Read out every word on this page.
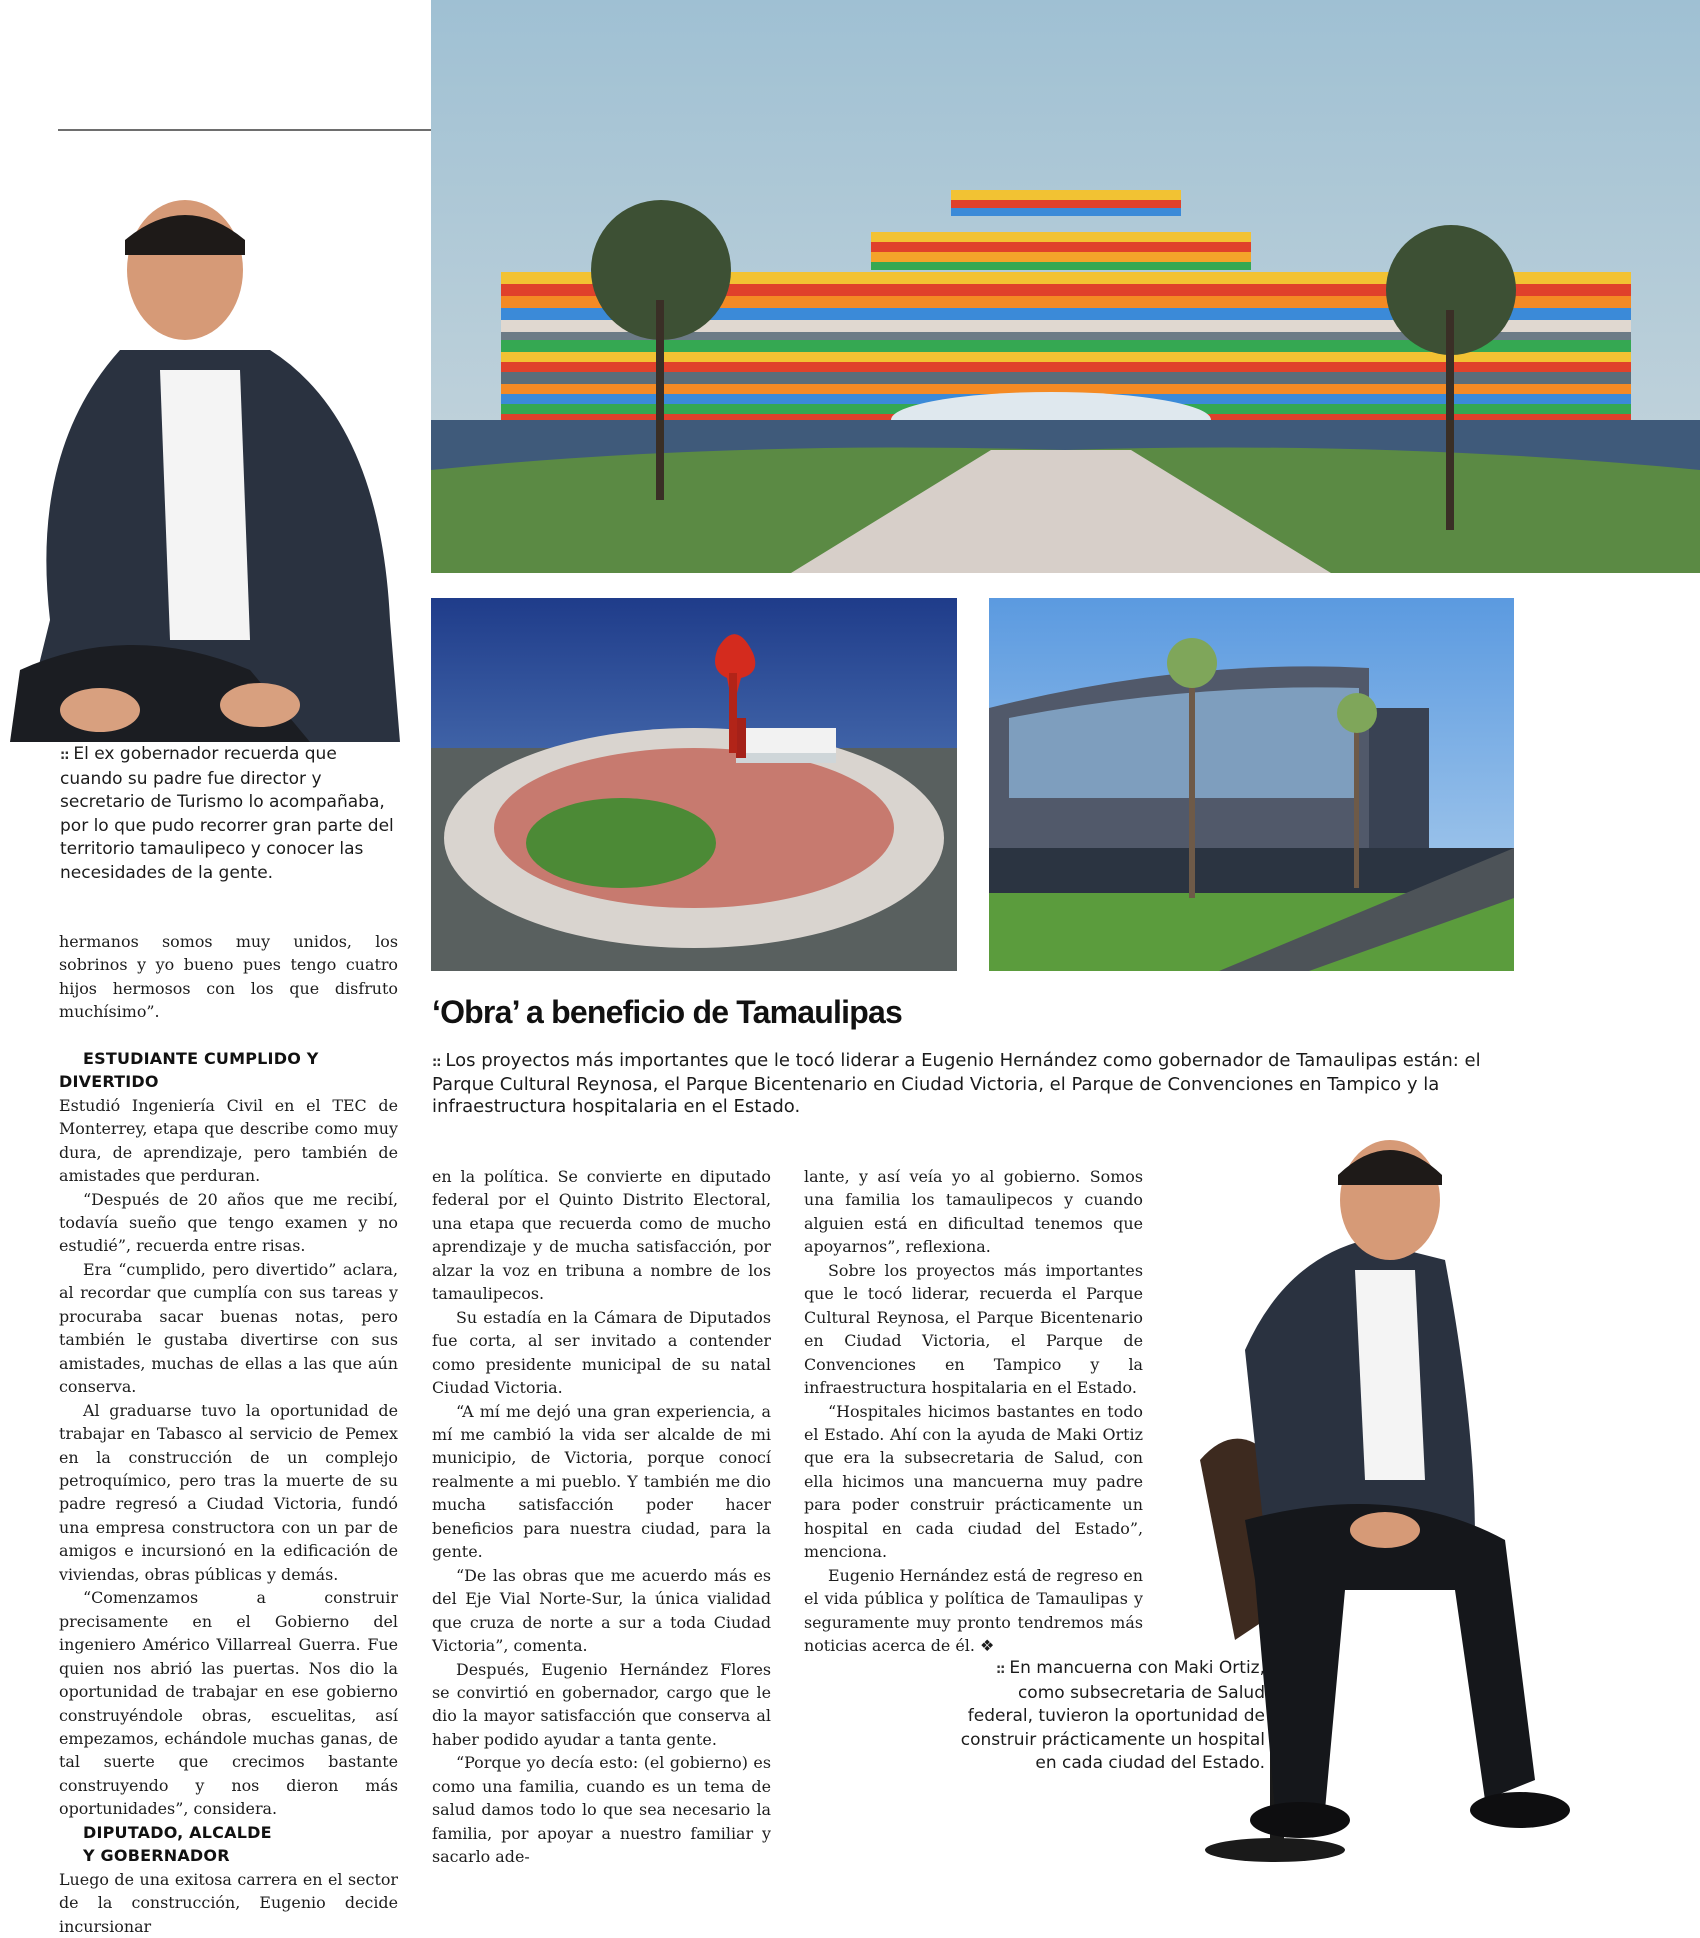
:: El ex gobernador recuerda que cuando su padre fue director y secretario de Turismo lo acompañaba, por lo que pudo recorrer gran parte del territorio tamaulipeco y conocer las necesidades de la gente.
‘Obra’ a beneficio de Tamaulipas
:: Los proyectos más importantes que le tocó liderar a Eugenio Hernández como gobernador de Tamaulipas están: el Parque Cultural Reynosa, el Parque Bicentenario en Ciudad Victoria, el Parque de Convenciones en Tampico y la infraestructura hospitalaria en el Estado.

hermanos somos muy unidos, los sobrinos y yo bueno pues tengo cuatro hijos hermosos con los que disfruto muchísimo”.

ESTUDIANTE CUMPLIDO Y DIVERTIDO

Estudió Ingeniería Civil en el TEC de Monterrey, etapa que describe como muy dura, de aprendizaje, pero también de amistades que perduran.

“Después de 20 años que me recibí, todavía sueño que tengo examen y no estudié”, recuerda entre risas.

Era “cumplido, pero divertido” aclara, al recordar que cumplía con sus tareas y procuraba sacar buenas notas, pero también le gustaba divertirse con sus amistades, muchas de ellas a las que aún conserva.

Al graduarse tuvo la oportunidad de trabajar en Tabasco al servicio de Pemex en la construcción de un complejo petroquímico, pero tras la muerte de su padre regresó a Ciudad Victoria, fundó una empresa constructora con un par de amigos e incursionó en la edificación de viviendas, obras públicas y demás.

“Comenzamos a construir precisamente en el Gobierno del ingeniero Américo Villarreal Guerra. Fue quien nos abrió las puertas. Nos dio la oportunidad de trabajar en ese gobierno construyéndole obras, escuelitas, así empezamos, echándole muchas ganas, de tal suerte que crecimos bastante construyendo y nos dieron más oportunidades”, considera.

DIPUTADO, ALCALDE

Y GOBERNADOR

Luego de una exitosa carrera en el sector de la construcción, Eugenio decide incursionar

en la política. Se convierte en diputado federal por el Quinto Distrito Electoral, una etapa que recuerda como de mucho aprendizaje y de mucha satisfacción, por alzar la voz en tribuna a nombre de los tamaulipecos.

Su estadía en la Cámara de Diputados fue corta, al ser invitado a contender como presidente municipal de su natal Ciudad Victoria.

“A mí me dejó una gran experiencia, a mí me cambió la vida ser alcalde de mi municipio, de Victoria, porque conocí realmente a mi pueblo. Y también me dio mucha satisfacción poder hacer beneficios para nuestra ciudad, para la gente.

“De las obras que me acuerdo más es del Eje Vial Norte-Sur, la única vialidad que cruza de norte a sur a toda Ciudad Victoria”, comenta.

Después, Eugenio Hernández Flores se convirtió en gobernador, cargo que le dio la mayor satisfacción que conserva al haber podido ayudar a tanta gente.

“Porque yo decía esto: (el gobierno) es como una familia, cuando es un tema de salud damos todo lo que sea necesario la familia, por apoyar a nuestro familiar y sacarlo ade-

lante, y así veía yo al gobierno. Somos una familia los tamaulipecos y cuando alguien está en dificultad tenemos que apoyarnos”, reflexiona.

Sobre los proyectos más importantes que le tocó liderar, recuerda el Parque Cultural Reynosa, el Parque Bicentenario en Ciudad Victoria, el Parque de Convenciones en Tampico y la infraestructura hospitalaria en el Estado.

“Hospitales hicimos bastantes en todo el Estado. Ahí con la ayuda de Maki Ortiz que era la subsecretaria de Salud, con ella hicimos una mancuerna muy padre para poder construir prácticamente un hospital en cada ciudad del Estado”, menciona.

Eugenio Hernández está de regreso en el vida pública y política de Tamaulipas y seguramente muy pronto tendremos más noticias acerca de él. ❖

:: En mancuerna con Maki Ortiz, como subsecretaria de Salud federal, tuvieron la oportunidad de construir prácticamente un hospital en cada ciudad del Estado.
